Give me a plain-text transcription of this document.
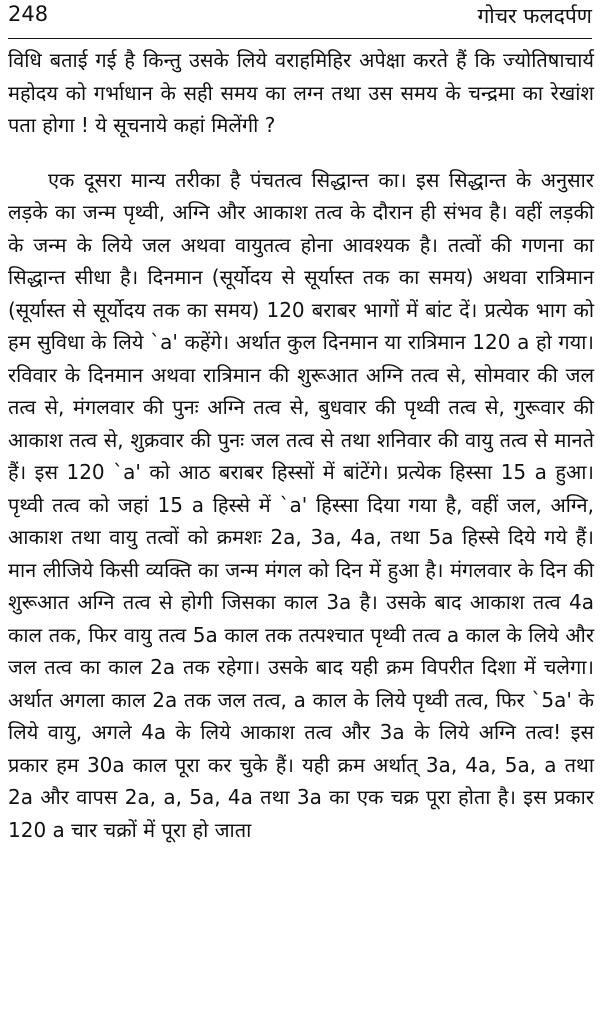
248	गोचर फलदर्पण

विधि बताई गई है किन्तु उसके लिये वराहमिहिर अपेक्षा करते हैं कि ज्योतिषाचार्य महोदय को गर्भाधान के सही समय का लग्न तथा उस समय के चन्द्रमा का रेखांश पता होगा ! ये सूचनाये कहां मिलेंगी ?

एक दूसरा मान्य तरीका है पंचतत्व सिद्धान्त का। इस सिद्धान्त के अनुसार लड़के का जन्म पृथ्वी, अग्नि और आकाश तत्व के दौरान ही संभव है। वहीं लड़की के जन्म के लिये जल अथवा वायुतत्व होना आवश्यक है। तत्वों की गणना का सिद्धान्त सीधा है। दिनमान (सूर्योदय से सूर्यास्त तक का समय) अथवा रात्रिमान (सूर्यास्त से सूर्योदय तक का समय) 120 बराबर भागों में बांट दें। प्रत्येक भाग को हम सुविधा के लिये `a' कहेंगे। अर्थात कुल दिनमान या रात्रिमान 120 a हो गया। रविवार के दिनमान अथवा रात्रिमान की शुरूआत अग्नि तत्व से, सोमवार की जल तत्व से, मंगलवार की पुनः अग्नि तत्व से, बुधवार की पृथ्वी तत्व से, गुरूवार की आकाश तत्व से, शुक्रवार की पुनः जल तत्व से तथा शनिवार की वायु तत्व से मानते हैं। इस 120 `a' को आठ बराबर हिस्सों में बांटेंगे। प्रत्येक हिस्सा 15 a हुआ। पृथ्वी तत्व को जहां 15 a हिस्से में `a' हिस्सा दिया गया है, वहीं जल, अग्नि, आकाश तथा वायु तत्वों को क्रमशः 2a, 3a, 4a, तथा 5a हिस्से दिये गये हैं। मान लीजिये किसी व्यक्ति का जन्म मंगल को दिन में हुआ है। मंगलवार के दिन की शुरूआत अग्नि तत्व से होगी जिसका काल 3a है। उसके बाद आकाश तत्व 4a काल तक, फिर वायु तत्व 5a काल तक तत्पश्चात पृथ्वी तत्व a काल के लिये और जल तत्व का काल 2a तक रहेगा। उसके बाद यही क्रम विपरीत दिशा में चलेगा। अर्थात अगला काल 2a तक जल तत्व, a काल के लिये पृथ्वी तत्व, फिर `5a' के लिये वायु, अगले 4a के लिये आकाश तत्व और 3a के लिये अग्नि तत्व! इस प्रकार हम 30a काल पूरा कर चुके हैं। यही क्रम अर्थात् 3a, 4a, 5a, a तथा 2a और वापस 2a, a, 5a, 4a तथा 3a का एक चक्र पूरा होता है। इस प्रकार 120 a चार चक्रों में पूरा हो जाता
